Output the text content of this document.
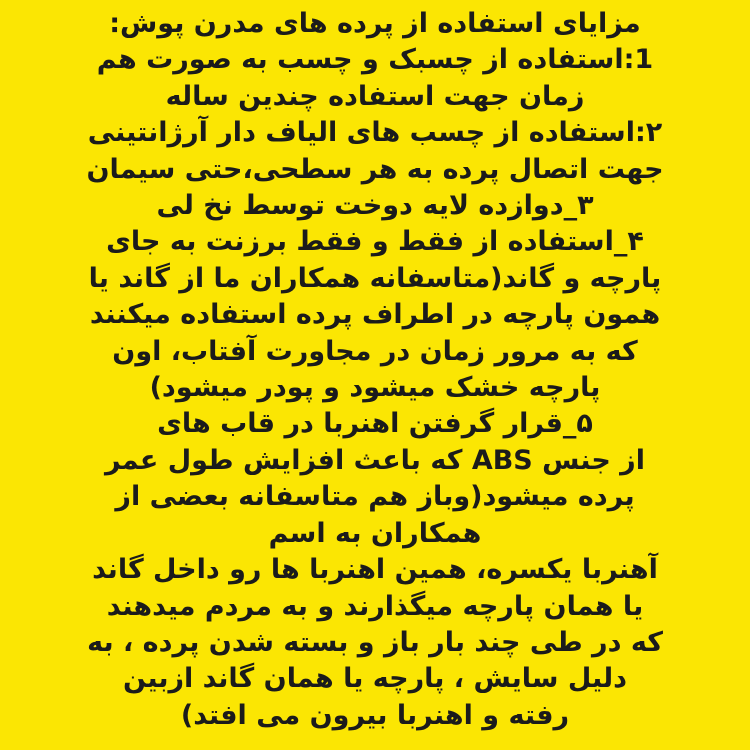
مزایای استفاده از پرده های مدرن پوش:
1:استفاده از چسبک و چسب به صورت هم
زمان جهت استفاده چندین ساله
۲:استفاده از چسب های الیاف دار آرژانتینی
جهت اتصال پرده به هر سطحی،حتی سیمان
۳_دوازده لایه دوخت توسط نخ لی
۴_استفاده از فقط و فقط برزنت به جای
پارچه و گاند(متاسفانه همکاران ما از گاند یا
همون پارچه در اطراف پرده استفاده میکنند
که به مرور زمان در مجاورت آفتاب، اون
پارچه خشک میشود و پودر میشود)
۵_قرار گرفتن اهنربا در قاب های
از جنس ABS که باعث افزایش طول عمر
پرده میشود(وباز هم متاسفانه بعضی از
همکاران به اسم
آهنربا یکسره، همین اهنربا ها رو داخل گاند
یا همان پارچه میگذارند و به مردم میدهند
که در طی چند بار باز و بسته شدن پرده ، به
دلیل سایش ، پارچه یا همان گاند ازبین
رفته و اهنربا بیرون می افتد)
